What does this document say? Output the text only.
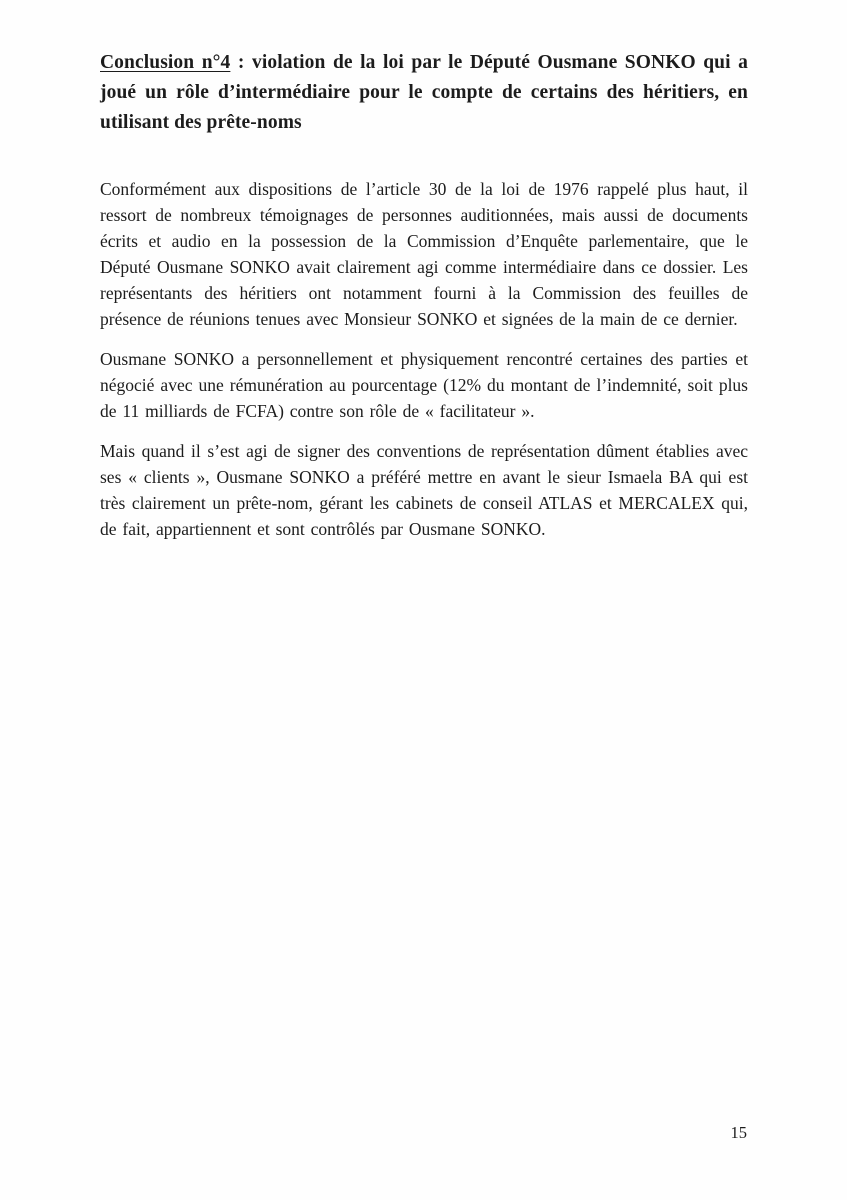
Conclusion n°4 : violation de la loi par le Député Ousmane SONKO qui a joué un rôle d’intermédiaire pour le compte de certains des héritiers, en utilisant des prête-noms

Conformément aux dispositions de l’article 30 de la loi de 1976 rappelé plus haut, il ressort de nombreux témoignages de personnes auditionnées, mais aussi de documents écrits et audio en la possession de la Commission d’Enquête parlementaire, que le Député Ousmane SONKO avait clairement agi comme intermédiaire dans ce dossier. Les représentants des héritiers ont notamment fourni à la Commission des feuilles de présence de réunions tenues avec Monsieur SONKO et signées de la main de ce dernier.

Ousmane SONKO a personnellement et physiquement rencontré certaines des parties et négocié avec une rémunération au pourcentage (12% du montant de l’indemnité, soit plus de 11 milliards de FCFA) contre son rôle de « facilitateur ».

Mais quand il s’est agi de signer des conventions de représentation dûment établies avec ses « clients », Ousmane SONKO a préféré mettre en avant le sieur Ismaela BA qui est très clairement un prête-nom, gérant les cabinets de conseil ATLAS et MERCALEX qui, de fait, appartiennent et sont contrôlés par Ousmane SONKO.

15
